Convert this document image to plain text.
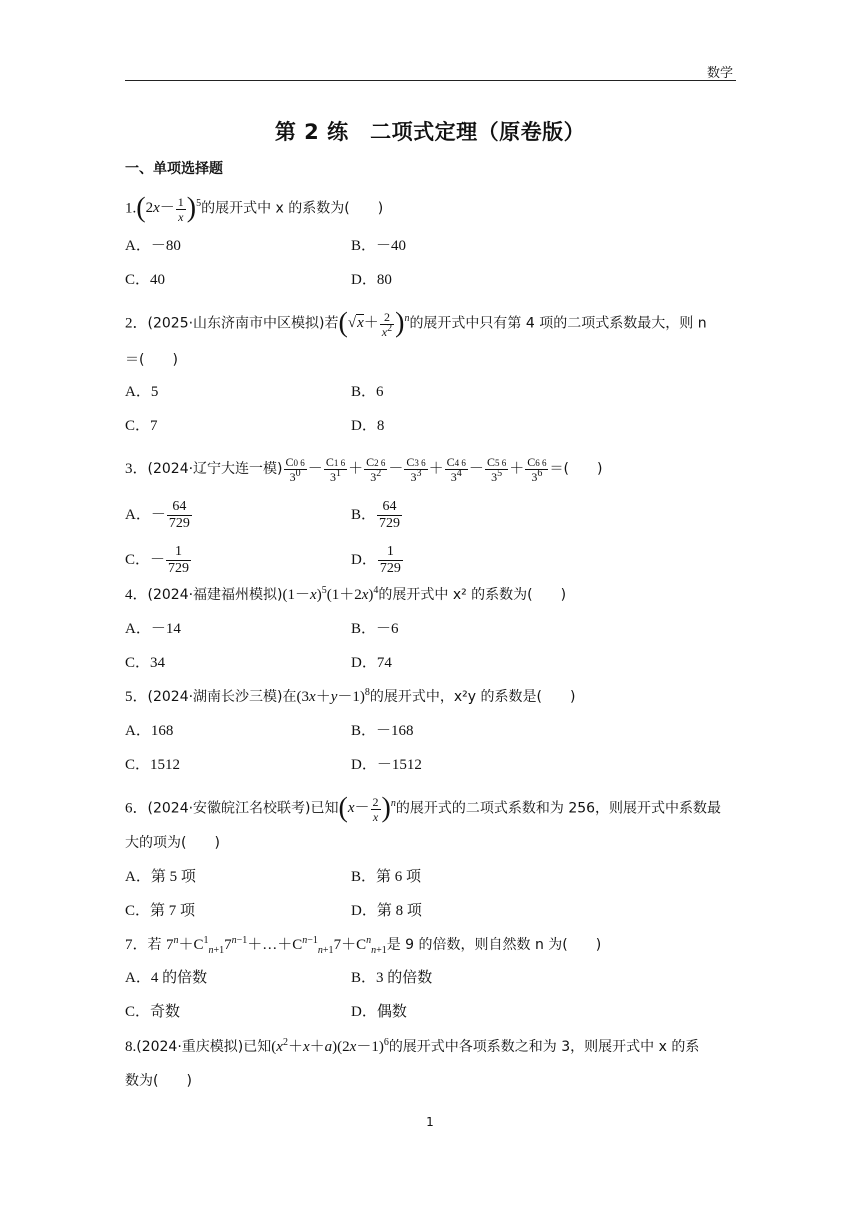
数学
第 2 练　二项式定理（原卷版）
一、单项选择题
$1.(2x- \frac{1}{x} )^5$的展开式中 x 的系数为(　　)
A．－80	B．－40
C．40	D．80
2．(2025·山东济南市中区模拟)若$(√x+ \frac{2}{x^2} )^n$的展开式中只有第 4 项的二项式系数最大，则 n
＝(　　)
A．5	B．6
C．7	D．8
3．(2024·辽宁大连一模) $\frac{C0 6}{3^0} - \frac{C1 6}{3^1} + \frac{C2 6}{3^2} - \frac{C3 6}{3^3} + \frac{C4 6}{3^4} - \frac{C5 6}{3^5} + \frac{C6 6}{3^6}$ ＝(　　)
A．－ $\frac{64}{729}$	B． $\frac{64}{729}$
C．－ $\frac{1}{729}$	D． $\frac{1}{729}$
4．(2024·福建福州模拟)$(1-x)^5(1+2x)^4$的展开式中 x² 的系数为(　　)
A．－14	B．－6
C．34	D．74
5．(2024·湖南长沙三模)在$(3x+y-1)^8$的展开式中，x²y 的系数是(　　)
A．168	B．－168
C．1512	D．－1512
6．(2024·安徽皖江名校联考)已知$(x- \frac{2}{x} )^n$的展开式的二项式系数和为 256，则展开式中系数最
大的项为(　　)
A．第 5 项	B．第 6 项
C．第 7 项	D．第 8 项
7．若 $7^n+C^1_{n+1}7^{n-1}+\dots+C^{n-1}_{n+1}7+C^n_{n+1}$是 9 的倍数，则自然数 n 为(　　)
A．4 的倍数	B．3 的倍数
C．奇数	D．偶数
8.(2024·重庆模拟)已知$(x^2+x+a)(2x-1)^6$的展开式中各项系数之和为 3，则展开式中 x 的系
数为(　　)
1
